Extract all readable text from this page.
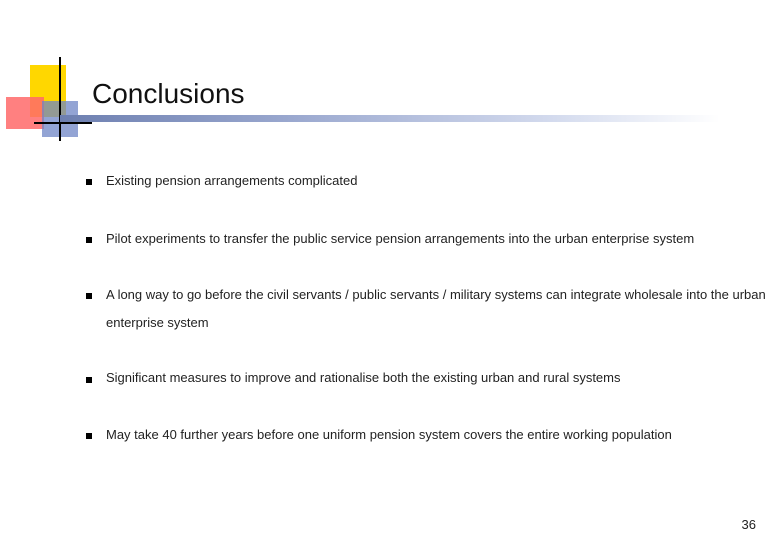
Conclusions
Existing pension arrangements complicated
Pilot experiments to transfer the public service pension arrangements into the urban enterprise system
A long way to go before the civil servants / public servants / military systems can integrate wholesale into the urban enterprise system
Significant measures to improve and rationalise both the existing urban and rural systems
May take 40 further years before one uniform pension system covers the entire working population
36
